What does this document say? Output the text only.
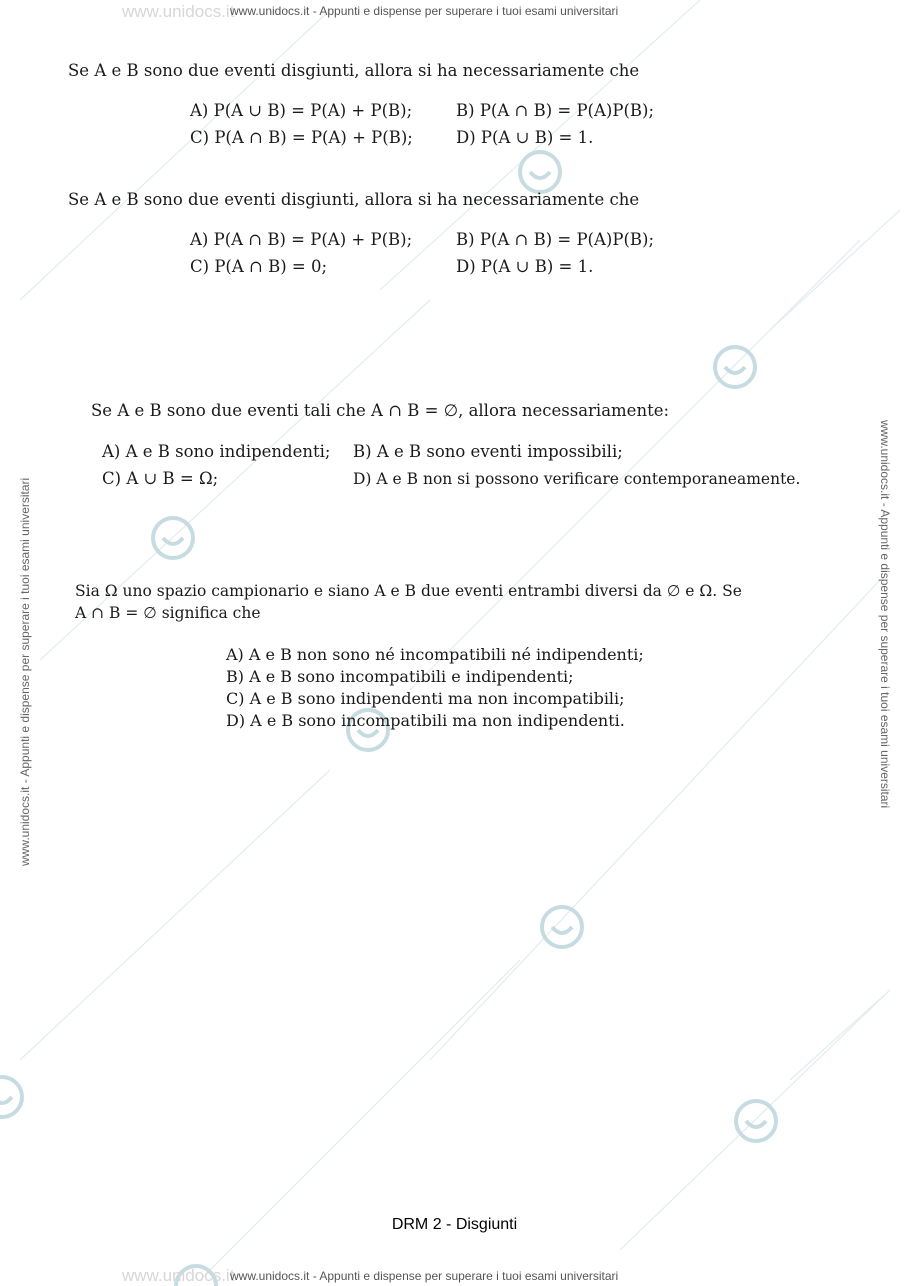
www.unidocs.it
www.unidocs.it - Appunti e dispense per superare i tuoi esami universitari
www.unidocs.it
www.unidocs.it - Appunti e dispense per superare i tuoi esami universitari
www.unidocs.it - Appunti e dispense per superare i tuoi esami universitari	www.unidocs.it - Appunti e dispense per superare i tuoi esami universitari
Se A e B sono due eventi disgiunti, allora si ha necessariamente che
A) P(A ∪ B) = P(A) + P(B);	B) P(A ∩ B) = P(A)P(B);
C) P(A ∩ B) = P(A) + P(B);	D) P(A ∪ B) = 1.
Se A e B sono due eventi disgiunti, allora si ha necessariamente che
A) P(A ∩ B) = P(A) + P(B);	B) P(A ∩ B) = P(A)P(B);
C) P(A ∩ B) = 0;	D) P(A ∪ B) = 1.
Se A e B sono due eventi tali che A ∩ B = ∅, allora necessariamente:
A) A e B sono indipendenti; B) A e B sono eventi impossibili;
C) A ∪ B = Ω;	D) A e B non si possono verificare contemporaneamente.
Sia Ω uno spazio campionario e siano A e B due eventi entrambi diversi da ∅ e Ω. Se
A ∩ B = ∅ significa che
A) A e B non sono né incompatibili né indipendenti;
B) A e B sono incompatibili e indipendenti;
C) A e B sono indipendenti ma non incompatibili;
D) A e B sono incompatibili ma non indipendenti.
DRM 2 - Disgiunti
